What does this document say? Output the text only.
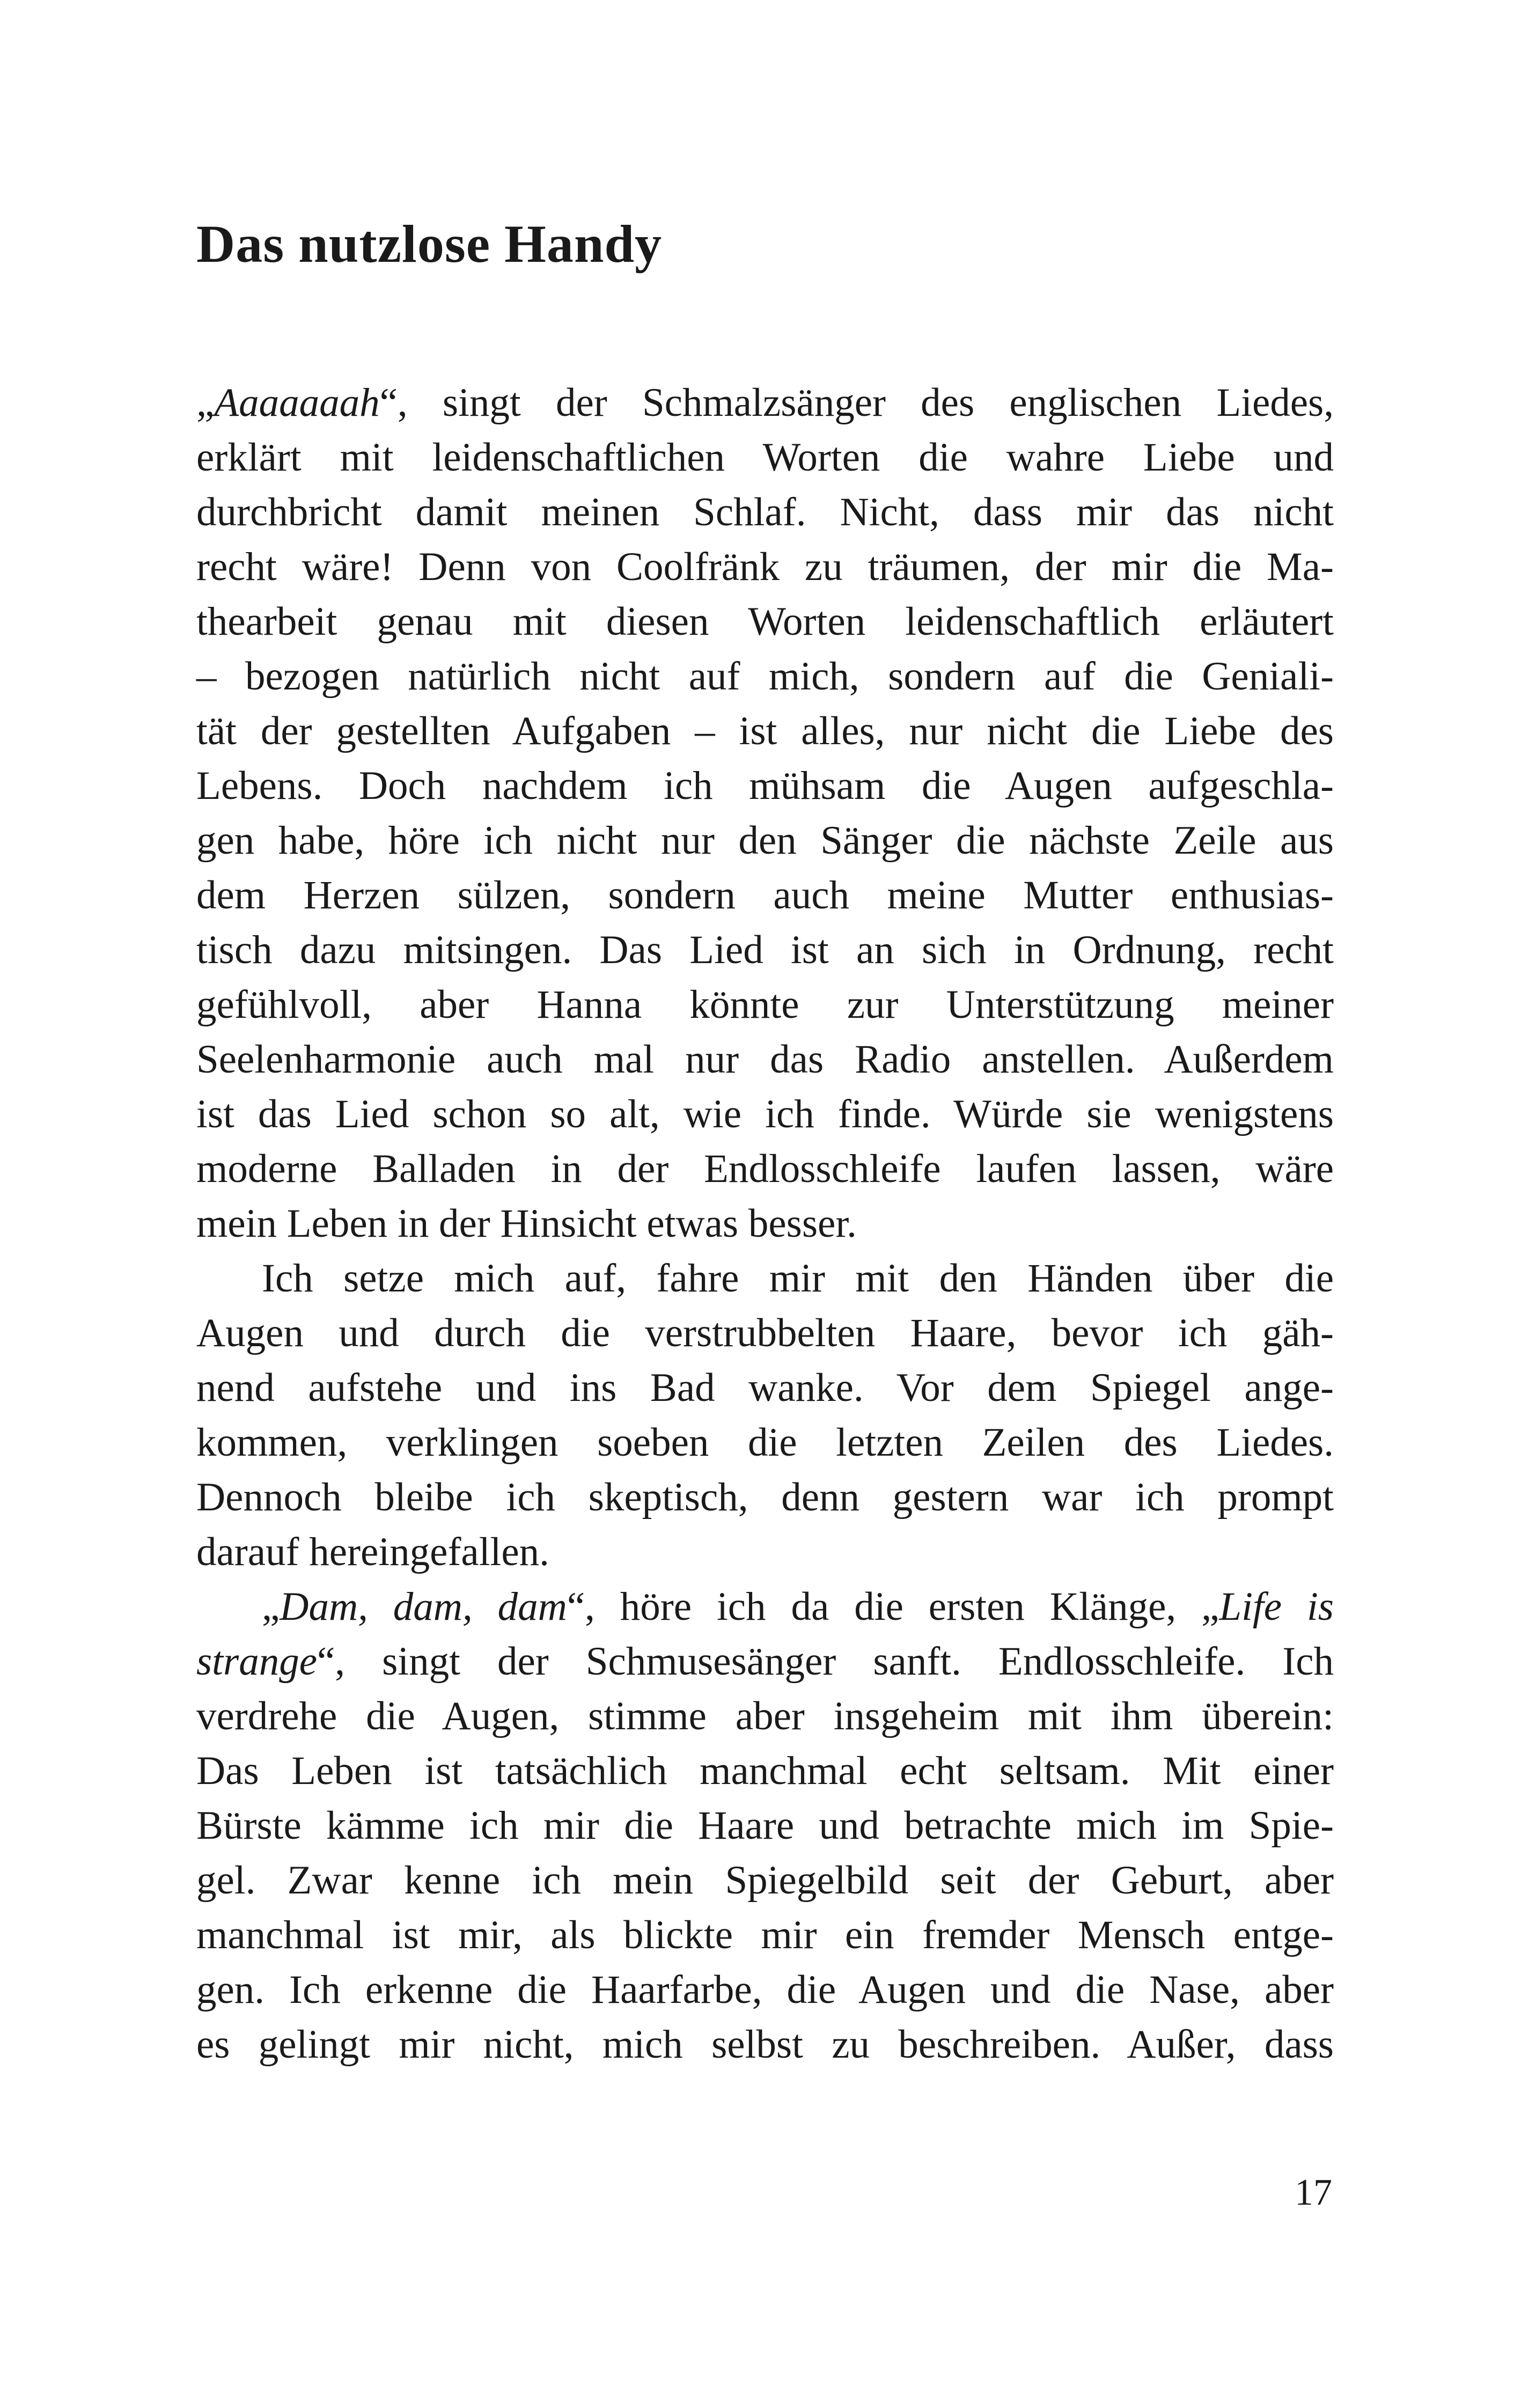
Das nutzlose Handy
„Aaaaaaah“, singt der Schmalzsänger des englischen Liedes,
erklärt mit leidenschaftlichen Worten die wahre Liebe und
durchbricht damit meinen Schlaf. Nicht, dass mir das nicht
recht wäre! Denn von Coolfränk zu träumen, der mir die Ma-
thearbeit genau mit diesen Worten leidenschaftlich erläutert
– bezogen natürlich nicht auf mich, sondern auf die Geniali-
tät der gestellten Aufgaben – ist alles, nur nicht die Liebe des
Lebens. Doch nachdem ich mühsam die Augen aufgeschla-
gen habe, höre ich nicht nur den Sänger die nächste Zeile aus
dem Herzen sülzen, sondern auch meine Mutter enthusias-
tisch dazu mitsingen. Das Lied ist an sich in Ordnung, recht
gefühlvoll, aber Hanna könnte zur Unterstützung meiner
Seelenharmonie auch mal nur das Radio anstellen. Außerdem
ist das Lied schon so alt, wie ich finde. Würde sie wenigstens
moderne Balladen in der Endlosschleife laufen lassen, wäre
mein Leben in der Hinsicht etwas besser.
Ich setze mich auf, fahre mir mit den Händen über die
Augen und durch die verstrubbelten Haare, bevor ich gäh-
nend aufstehe und ins Bad wanke. Vor dem Spiegel ange-
kommen, verklingen soeben die letzten Zeilen des Liedes.
Dennoch bleibe ich skeptisch, denn gestern war ich prompt
darauf hereingefallen.
„Dam, dam, dam“, höre ich da die ersten Klänge, „Life is
strange“, singt der Schmusesänger sanft. Endlosschleife. Ich
verdrehe die Augen, stimme aber insgeheim mit ihm überein:
Das Leben ist tatsächlich manchmal echt seltsam. Mit einer
Bürste kämme ich mir die Haare und betrachte mich im Spie-
gel. Zwar kenne ich mein Spiegelbild seit der Geburt, aber
manchmal ist mir, als blickte mir ein fremder Mensch entge-
gen. Ich erkenne die Haarfarbe, die Augen und die Nase, aber
es gelingt mir nicht, mich selbst zu beschreiben. Außer, dass
17
